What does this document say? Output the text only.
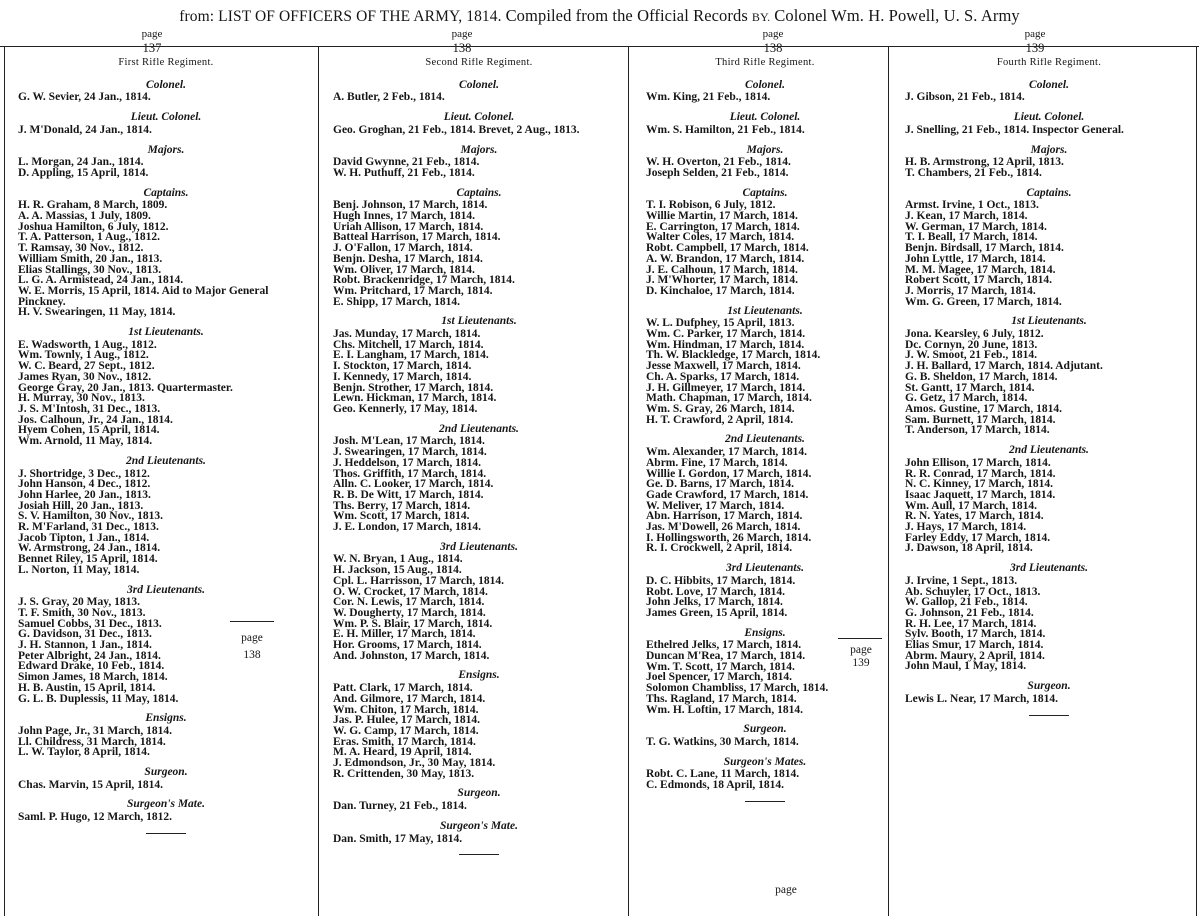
from: LIST OF OFFICERS OF THE ARMY, 1814. Compiled from the Official Records BY. Colonel Wm. H. Powell, U. S. Army
page
137
page
138
page
138
page
139
First Rifle Regiment.
Colonel.
G. W. Sevier, 24 Jan., 1814.
Lieut. Colonel.
J. M'Donald, 24 Jan., 1814.
Majors.
L. Morgan, 24 Jan., 1814.
D. Appling, 15 April, 1814.
Captains.
H. R. Graham, 8 March, 1809.
A. A. Massias, 1 July, 1809.
Joshua Hamilton, 6 July, 1812.
T. A. Patterson, 1 Aug., 1812.
T. Ramsay, 30 Nov., 1812.
William Smith, 20 Jan., 1813.
Elias Stallings, 30 Nov., 1813.
L. G. A. Armistead, 24 Jan., 1814.
W. E. Morris, 15 April, 1814. Aid to Major General Pinckney.
H. V. Swearingen, 11 May, 1814.
1st Lieutenants.
E. Wadsworth, 1 Aug., 1812.
Wm. Townly, 1 Aug., 1812.
W. C. Beard, 27 Sept., 1812.
James Ryan, 30 Nov., 1812.
George Gray, 20 Jan., 1813. Quartermaster.
H. Murray, 30 Nov., 1813.
J. S. M'Intosh, 31 Dec., 1813.
Jos. Calhoun, Jr., 24 Jan., 1814.
Hyem Cohen, 15 April, 1814.
Wm. Arnold, 11 May, 1814.
2nd Lieutenants.
J. Shortridge, 3 Dec., 1812.
John Hanson, 4 Dec., 1812.
John Harlee, 20 Jan., 1813.
Josiah Hill, 20 Jan., 1813.
S. V. Hamilton, 30 Nov., 1813.
R. M'Farland, 31 Dec., 1813.
Jacob Tipton, 1 Jan., 1814.
W. Armstrong, 24 Jan., 1814.
Bennet Riley, 15 April, 1814.
L. Norton, 11 May, 1814.
3rd Lieutenants.
J. S. Gray, 20 May, 1813.
T. F. Smith, 30 Nov., 1813.
Samuel Cobbs, 31 Dec., 1813.
G. Davidson, 31 Dec., 1813.
J. H. Stannon, 1 Jan., 1814.
Peter Albright, 24 Jan., 1814.
Edward Drake, 10 Feb., 1814.
Simon James, 18 March, 1814.
H. B. Austin, 15 April, 1814.
G. L. B. Duplessis, 11 May, 1814.
Ensigns.
John Page, Jr., 31 March, 1814.
Ll. Childress, 31 March, 1814.
L. W. Taylor, 8 April, 1814.
Surgeon.
Chas. Marvin, 15 April, 1814.
Surgeon's Mate.
Saml. P. Hugo, 12 March, 1812.
Second Rifle Regiment.
Colonel.
A. Butler, 2 Feb., 1814.
Lieut. Colonel.
Geo. Groghan, 21 Feb., 1814. Brevet, 2 Aug., 1813.
Majors.
David Gwynne, 21 Feb., 1814.
W. H. Puthuff, 21 Feb., 1814.
Captains.
Benj. Johnson, 17 March, 1814.
Hugh Innes, 17 March, 1814.
Uriah Allison, 17 March, 1814.
Batteal Harrison, 17 March, 1814.
J. O'Fallon, 17 March, 1814.
Benjn. Desha, 17 March, 1814.
Wm. Oliver, 17 March, 1814.
Robt. Brackenridge, 17 March, 1814.
Wm. Pritchard, 17 March, 1814.
E. Shipp, 17 March, 1814.
1st Lieutenants.
Jas. Munday, 17 March, 1814.
Chs. Mitchell, 17 March, 1814.
E. I. Langham, 17 March, 1814.
I. Stockton, 17 March, 1814.
I. Kennedy, 17 March, 1814.
Benjn. Strother, 17 March, 1814.
Lewn. Hickman, 17 March, 1814.
Geo. Kennerly, 17 May, 1814.
2nd Lieutenants.
Josh. M'Lean, 17 March, 1814.
J. Swearingen, 17 March, 1814.
J. Heddelson, 17 March, 1814.
Thos. Griffith, 17 March, 1814.
Alln. C. Looker, 17 March, 1814.
R. B. De Witt, 17 March, 1814.
Ths. Berry, 17 March, 1814.
Wm. Scott, 17 March, 1814.
J. E. London, 17 March, 1814.
3rd Lieutenants.
W. N. Bryan, 1 Aug., 1814.
H. Jackson, 15 Aug., 1814.
Cpl. L. Harrisson, 17 March, 1814.
O. W. Crocket, 17 March, 1814.
Cor. N. Lewis, 17 March, 1814.
W. Dougherty, 17 March, 1814.
Wm. P. S. Blair, 17 March, 1814.
E. H. Miller, 17 March, 1814.
Hor. Grooms, 17 March, 1814.
And. Johnston, 17 March, 1814.
Ensigns.
Patt. Clark, 17 March, 1814.
And. Gilmore, 17 March, 1814.
Wm. Chiton, 17 March, 1814.
Jas. P. Hulee, 17 March, 1814.
W. G. Camp, 17 March, 1814.
Eras. Smith, 17 March, 1814.
M. A. Heard, 19 April, 1814.
J. Edmondson, Jr., 30 May, 1814.
R. Crittenden, 30 May, 1813.
Surgeon.
Dan. Turney, 21 Feb., 1814.
Surgeon's Mate.
Dan. Smith, 17 May, 1814.
Third Rifle Regiment.
Colonel.
Wm. King, 21 Feb., 1814.
Lieut. Colonel.
Wm. S. Hamilton, 21 Feb., 1814.
Majors.
W. H. Overton, 21 Feb., 1814.
Joseph Selden, 21 Feb., 1814.
Captains.
T. I. Robison, 6 July, 1812.
Willie Martin, 17 March, 1814.
E. Carrington, 17 March, 1814.
Walter Coles, 17 March, 1814.
Robt. Campbell, 17 March, 1814.
A. W. Brandon, 17 March, 1814.
J. E. Calhoun, 17 March, 1814.
J. M'Whorter, 17 March, 1814.
D. Kinchaloe, 17 March, 1814.
1st Lieutenants.
W. L. Dufphey, 15 April, 1813.
Wm. C. Parker, 17 March, 1814.
Wm. Hindman, 17 March, 1814.
Th. W. Blackledge, 17 March, 1814.
Jesse Maxwell, 17 March, 1814.
Ch. A. Sparks, 17 March, 1814.
J. H. Gillmeyer, 17 March, 1814.
Math. Chapman, 17 March, 1814.
Wm. S. Gray, 26 March, 1814.
H. T. Crawford, 2 April, 1814.
2nd Lieutenants.
Wm. Alexander, 17 March, 1814.
Abrm. Fine, 17 March, 1814.
Willie I. Gordon, 17 March, 1814.
Ge. D. Barns, 17 March, 1814.
Gade Crawford, 17 March, 1814.
W. Meliver, 17 March, 1814.
Abn. Harrison, 17 March, 1814.
Jas. M'Dowell, 26 March, 1814.
I. Hollingsworth, 26 March, 1814.
R. I. Crockwell, 2 April, 1814.
3rd Lieutenants.
D. C. Hibbits, 17 March, 1814.
Robt. Love, 17 March, 1814.
John Jelks, 17 March, 1814.
James Green, 15 April, 1814.
Ensigns.
Ethelred Jelks, 17 March, 1814.
Duncan M'Rea, 17 March, 1814.
Wm. T. Scott, 17 March, 1814.
Joel Spencer, 17 March, 1814.
Solomon Chambliss, 17 March, 1814.
Ths. Ragland, 17 March, 1814.
Wm. H. Loftin, 17 March, 1814.
Surgeon.
T. G. Watkins, 30 March, 1814.
Surgeon's Mates.
Robt. C. Lane, 11 March, 1814.
C. Edmonds, 18 April, 1814.
Fourth Rifle Regiment.
Colonel.
J. Gibson, 21 Feb., 1814.
Lieut. Colonel.
J. Snelling, 21 Feb., 1814. Inspector General.
Majors.
H. B. Armstrong, 12 April, 1813.
T. Chambers, 21 Feb., 1814.
Captains.
Armst. Irvine, 1 Oct., 1813.
J. Kean, 17 March, 1814.
W. German, 17 March, 1814.
T. I. Beall, 17 March, 1814.
Benjn. Birdsall, 17 March, 1814.
John Lyttle, 17 March, 1814.
M. M. Magee, 17 March, 1814.
Robert Scott, 17 March, 1814.
J. Morris, 17 March, 1814.
Wm. G. Green, 17 March, 1814.
1st Lieutenants.
Jona. Kearsley, 6 July, 1812.
Dc. Cornyn, 20 June, 1813.
J. W. Smoot, 21 Feb., 1814.
J. H. Ballard, 17 March, 1814. Adjutant.
G. B. Sheldon, 17 March, 1814.
St. Gantt, 17 March, 1814.
G. Getz, 17 March, 1814.
Amos. Gustine, 17 March, 1814.
Sam. Burnett, 17 March, 1814.
T. Anderson, 17 March, 1814.
2nd Lieutenants.
John Ellison, 17 March, 1814.
R. R. Conrad, 17 March, 1814.
N. C. Kinney, 17 March, 1814.
Isaac Jaquett, 17 March, 1814.
Wm. Aull, 17 March, 1814.
R. N. Yates, 17 March, 1814.
J. Hays, 17 March, 1814.
Farley Eddy, 17 March, 1814.
J. Dawson, 18 April, 1814.
3rd Lieutenants.
J. Irvine, 1 Sept., 1813.
Ab. Schuyler, 17 Oct., 1813.
W. Gallop, 21 Feb., 1814.
G. Johnson, 21 Feb., 1814.
R. H. Lee, 17 March, 1814.
Sylv. Booth, 17 March, 1814.
Elias Smur, 17 March, 1814.
Abrm. Maury, 2 April, 1814.
John Maul, 1 May, 1814.
Surgeon.
Lewis L. Near, 17 March, 1814.
page
138	page
139
page
